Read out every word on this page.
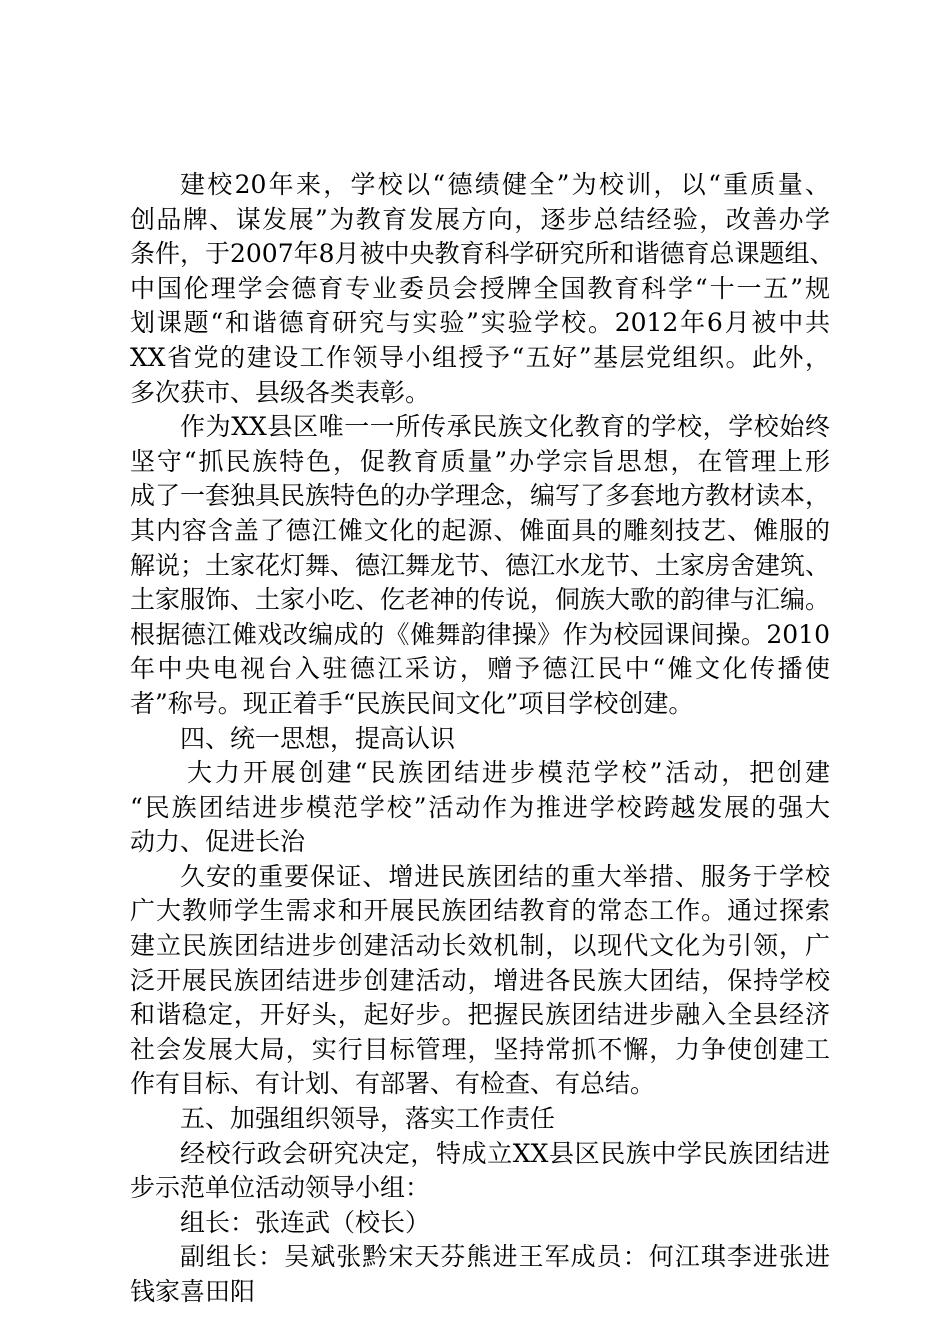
建校20年来，学校以“德绩健全”为校训，以“重质量、
创品牌、谋发展”为教育发展方向，逐步总结经验，改善办学
条件，于2007年8月被中央教育科学研究所和谐德育总课题组、
中国伦理学会德育专业委员会授牌全国教育科学“十一五”规
划课题“和谐德育研究与实验”实验学校。2012年6月被中共
XX省党的建设工作领导小组授予“五好”基层党组织。此外，
多次获市、县级各类表彰。
作为XX县区唯一一所传承民族文化教育的学校，学校始终
坚守“抓民族特色，促教育质量”办学宗旨思想，在管理上形
成了一套独具民族特色的办学理念，编写了多套地方教材读本，
其内容含盖了德江傩文化的起源、傩面具的雕刻技艺、傩服的
解说；土家花灯舞、德江舞龙节、德江水龙节、土家房舍建筑、
土家服饰、土家小吃、仡老神的传说，侗族大歌的韵律与汇编。
根据德江傩戏改编成的《傩舞韵律操》作为校园课间操。2010
年中央电视台入驻德江采访，赠予德江民中“傩文化传播使
者”称号。现正着手“民族民间文化”项目学校创建。
四、统一思想，提高认识
大力开展创建“民族团结进步模范学校”活动，把创建
“民族团结进步模范学校”活动作为推进学校跨越发展的强大
动力、促进长治
久安的重要保证、增进民族团结的重大举措、服务于学校
广大教师学生需求和开展民族团结教育的常态工作。通过探索
建立民族团结进步创建活动长效机制，以现代文化为引领，广
泛开展民族团结进步创建活动，增进各民族大团结，保持学校
和谐稳定，开好头，起好步。把握民族团结进步融入全县经济
社会发展大局，实行目标管理，坚持常抓不懈，力争使创建工
作有目标、有计划、有部署、有检查、有总结。
五、加强组织领导，落实工作责任
经校行政会研究决定，特成立XX县区民族中学民族团结进
步示范单位活动领导小组：
组长：张连武（校长）
副组长：吴斌张黔宋天芬熊进王军成员：何江琪李进张进
钱家喜田阳
